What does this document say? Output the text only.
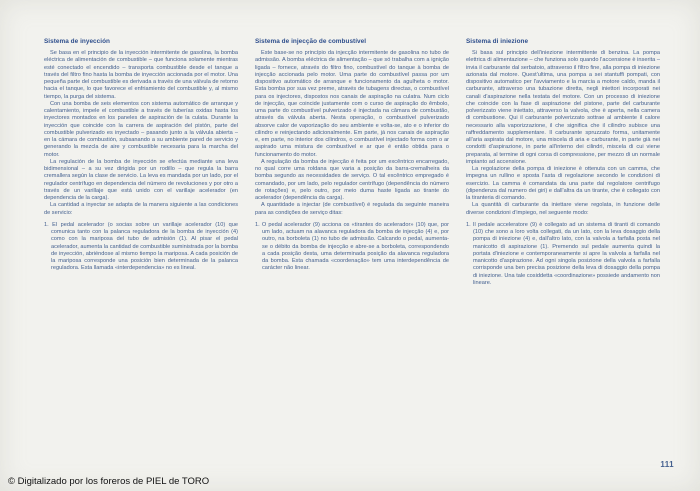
Sistema de inyección

Se basa en el principio de la inyección intermitente de gasolina, la bomba eléctrica de alimentación de combustible – que funciona solamente mientras esté conectado el encendido – transporta combustible desde el tanque a través del filtro fino hasta la bomba de inyección accionada por el motor. Una pequeña parte del combustible es derivada a través de una válvula de retorno hacia el tanque, lo que favorece el enfriamiento del combustible y, al mismo tiempo, la purga del sistema.

Con una bomba de seis elementos con sistema automático de arranque y calentamiento, impele el combustible a través de tuberías oxidas hasta los inyectores montados en los paneles de aspiración de la culata. Durante la inyección que coincide con la carrera de aspiración del pistón, parte del combustible pulverizado es inyectado – pasando junto a la válvula abierta – en la cámara de combustión, subsanando a su ambiente pared de servicio y generando la mezcla de aire y combustible necesaria para la marcha del motor.

La regulación de la bomba de inyección se efectúa mediante una leva bidimensional – a su vez dirigida por un rodillo – que regula la barra cremallera según la clase de servicio. La leva es mandada por un lado, por el regulador centrífugo en dependencia del número de revoluciones y por otro a través de un varillaje que está unido con el varillaje acelerador (en dependencia de la carga).

La cantidad a inyectar se adapta de la manera siguiente a las condiciones de servicio:

1. El pedal acelerador (o socias sobre un varillaje acelerador (10) que comunica tanto con la palanca reguladora de la bomba de inyección (4) como con la mariposa del tubo de admisión (1). Al pisar el pedal acelerador, aumenta la cantidad de combustible suministrada por la bomba de inyección, abriéndose al mismo tiempo la mariposa. A cada posición de la mariposa corresponde una posición bien determinada de la palanca reguladora. Esta llamada «interdependencia» no es lineal.

Sistema de injecção de combustível

Este base-se no princípio da injecção intermitente de gasolina no tubo de admissão. A bomba eléctrica de alimentação – que só trabalha com a ignição ligada – fornece, através do filtro fino, combustível do tanque à bomba de injecção accionada pelo motor. Uma parte do combustível passa por um dispositivo automático de arranque e funcionamento da agulheta o motor. Esta bomba por sua vez preme, através de tubagens directas, o combustível para os injectores, dispostos nos canais de aspiração na culatra. Num ciclo de injecção, que coincide justamente com o curso de aspiração do êmbolo, uma parte do combustível pulverizado é injectada na câmara de combustão, através da válvula aberta. Nesta operação, o combustível pulverizado absorve calor de vaporização do seu ambiente e volta-se, ato e o inferior do cilindro e reinjectando adicionalmente. Em parte, já nos canais de aspiração e, em parte, no interior dos cilindros, o combustível injectado forma com o ar aspirado uma mistura de combustível e ar que é então obtida para o funcionamento do motor.

A regulação da bomba de injecção é feita por um excêntrico encarregado, no qual corre uma roldana que varia a posição da barra-cremalheira da bomba segundo as necessidades de serviço. O tal excêntrico empregado é comandado, por um lado, pelo regulador centrífugo (dependência do número de rotações) e, pelo outro, por meio duma haste ligada ao tirante do acelerador (dependência da carga).

A quantidade a injectar (de combustível) é regulada da seguinte maneira para as condições de serviço ditas:

1. O pedal acelerador (9) acciona os «tirantes do acelerador» (10) que, por um lado, actuam na alavanca reguladora da bomba de injecção (4) e, por outro, na borboleta (1) no tubo de admissão. Calcando o pedal, aumenta-se o débito da bomba de injecção e abre-se a borboleta, correspondendo a cada posição desta, uma determinada posição da alavanca reguladora da bomba. Esta chamada «coordenação» tem uma interdependência de carácter não linear.

Sistema di iniezione

Si basa sul principio dell'iniezione intermittente di benzina. La pompa elettrica di alimentazione – che funziona solo quando l'accensione è inserita – invia il carburante dal serbatoio, attraverso il filtro fine, alla pompa di iniezione azionata dal motore. Quest'ultima, una pompa a sei stantuffi pompati, con dispositivo automatico per l'avviamento e la marcia a motore caldo, manda il carburante, attraverso una tubazione diretta, negli iniettori incorporati nei canali d'aspirazione nella testata del motore. Con un processo di iniezione che coincide con la fase di aspirazione del pistone, parte del carburante polverizzato viene iniettato, attraverso la valvola, che è aperta, nella camera di combustione. Qui il carburante polverizzato sottrae al ambiente il calore necessario alla vaporizzazione, il che significa che il cilindro subisce una raffreddamento supplementare. Il carburante spruzzato forma, unitamente all'aria aspirata dal motore, una miscela di aria e carburante, in parte già nei condotti d'aspirazione, in parte all'interno dei cilindri, miscela di cui viene preparata, al termine di ogni corsa di compressione, per mezzo di un normale impianto ad accensione.

La regolazione della pompa di iniezione è ottenuta con un camma, che impegna un rullino e sposta l'asta di regolazione secondo le condizioni di esercizio. La camma è comandata da una parte dal regolatore centrifugo (dipendenza dal numero dei giri) e dall'altra da un tirante, che è collegato con la tiranteria di comando.

La quantità di carburante da iniettare viene regolata, in funzione delle diverse condizioni d'impiego, nel seguente modo:

1. Il pedale acceleratore (9) è collegato ad un sistema di tiranti di comando (10) che sono a loro volta collegati, da un lato, con la leva dosaggio della pompa di iniezione (4) e, dall'altro lato, con la valvola a farfalla posta nel manicotto di aspirazione (1). Premendo sul pedale aumenta quindi la portata d'iniezione e contemporaneamente si apre la valvola a farfalla nel manicotto d'aspirazione. Ad ogni singola posizione della valvola a farfalla corrisponde una ben precisa posizione della leva di dosaggio della pompa di iniezione. Una tale cosiddetta «coordinazione» possiede andamento non lineare.

111
© Digitalizado por los foreros de PIEL de TORO
